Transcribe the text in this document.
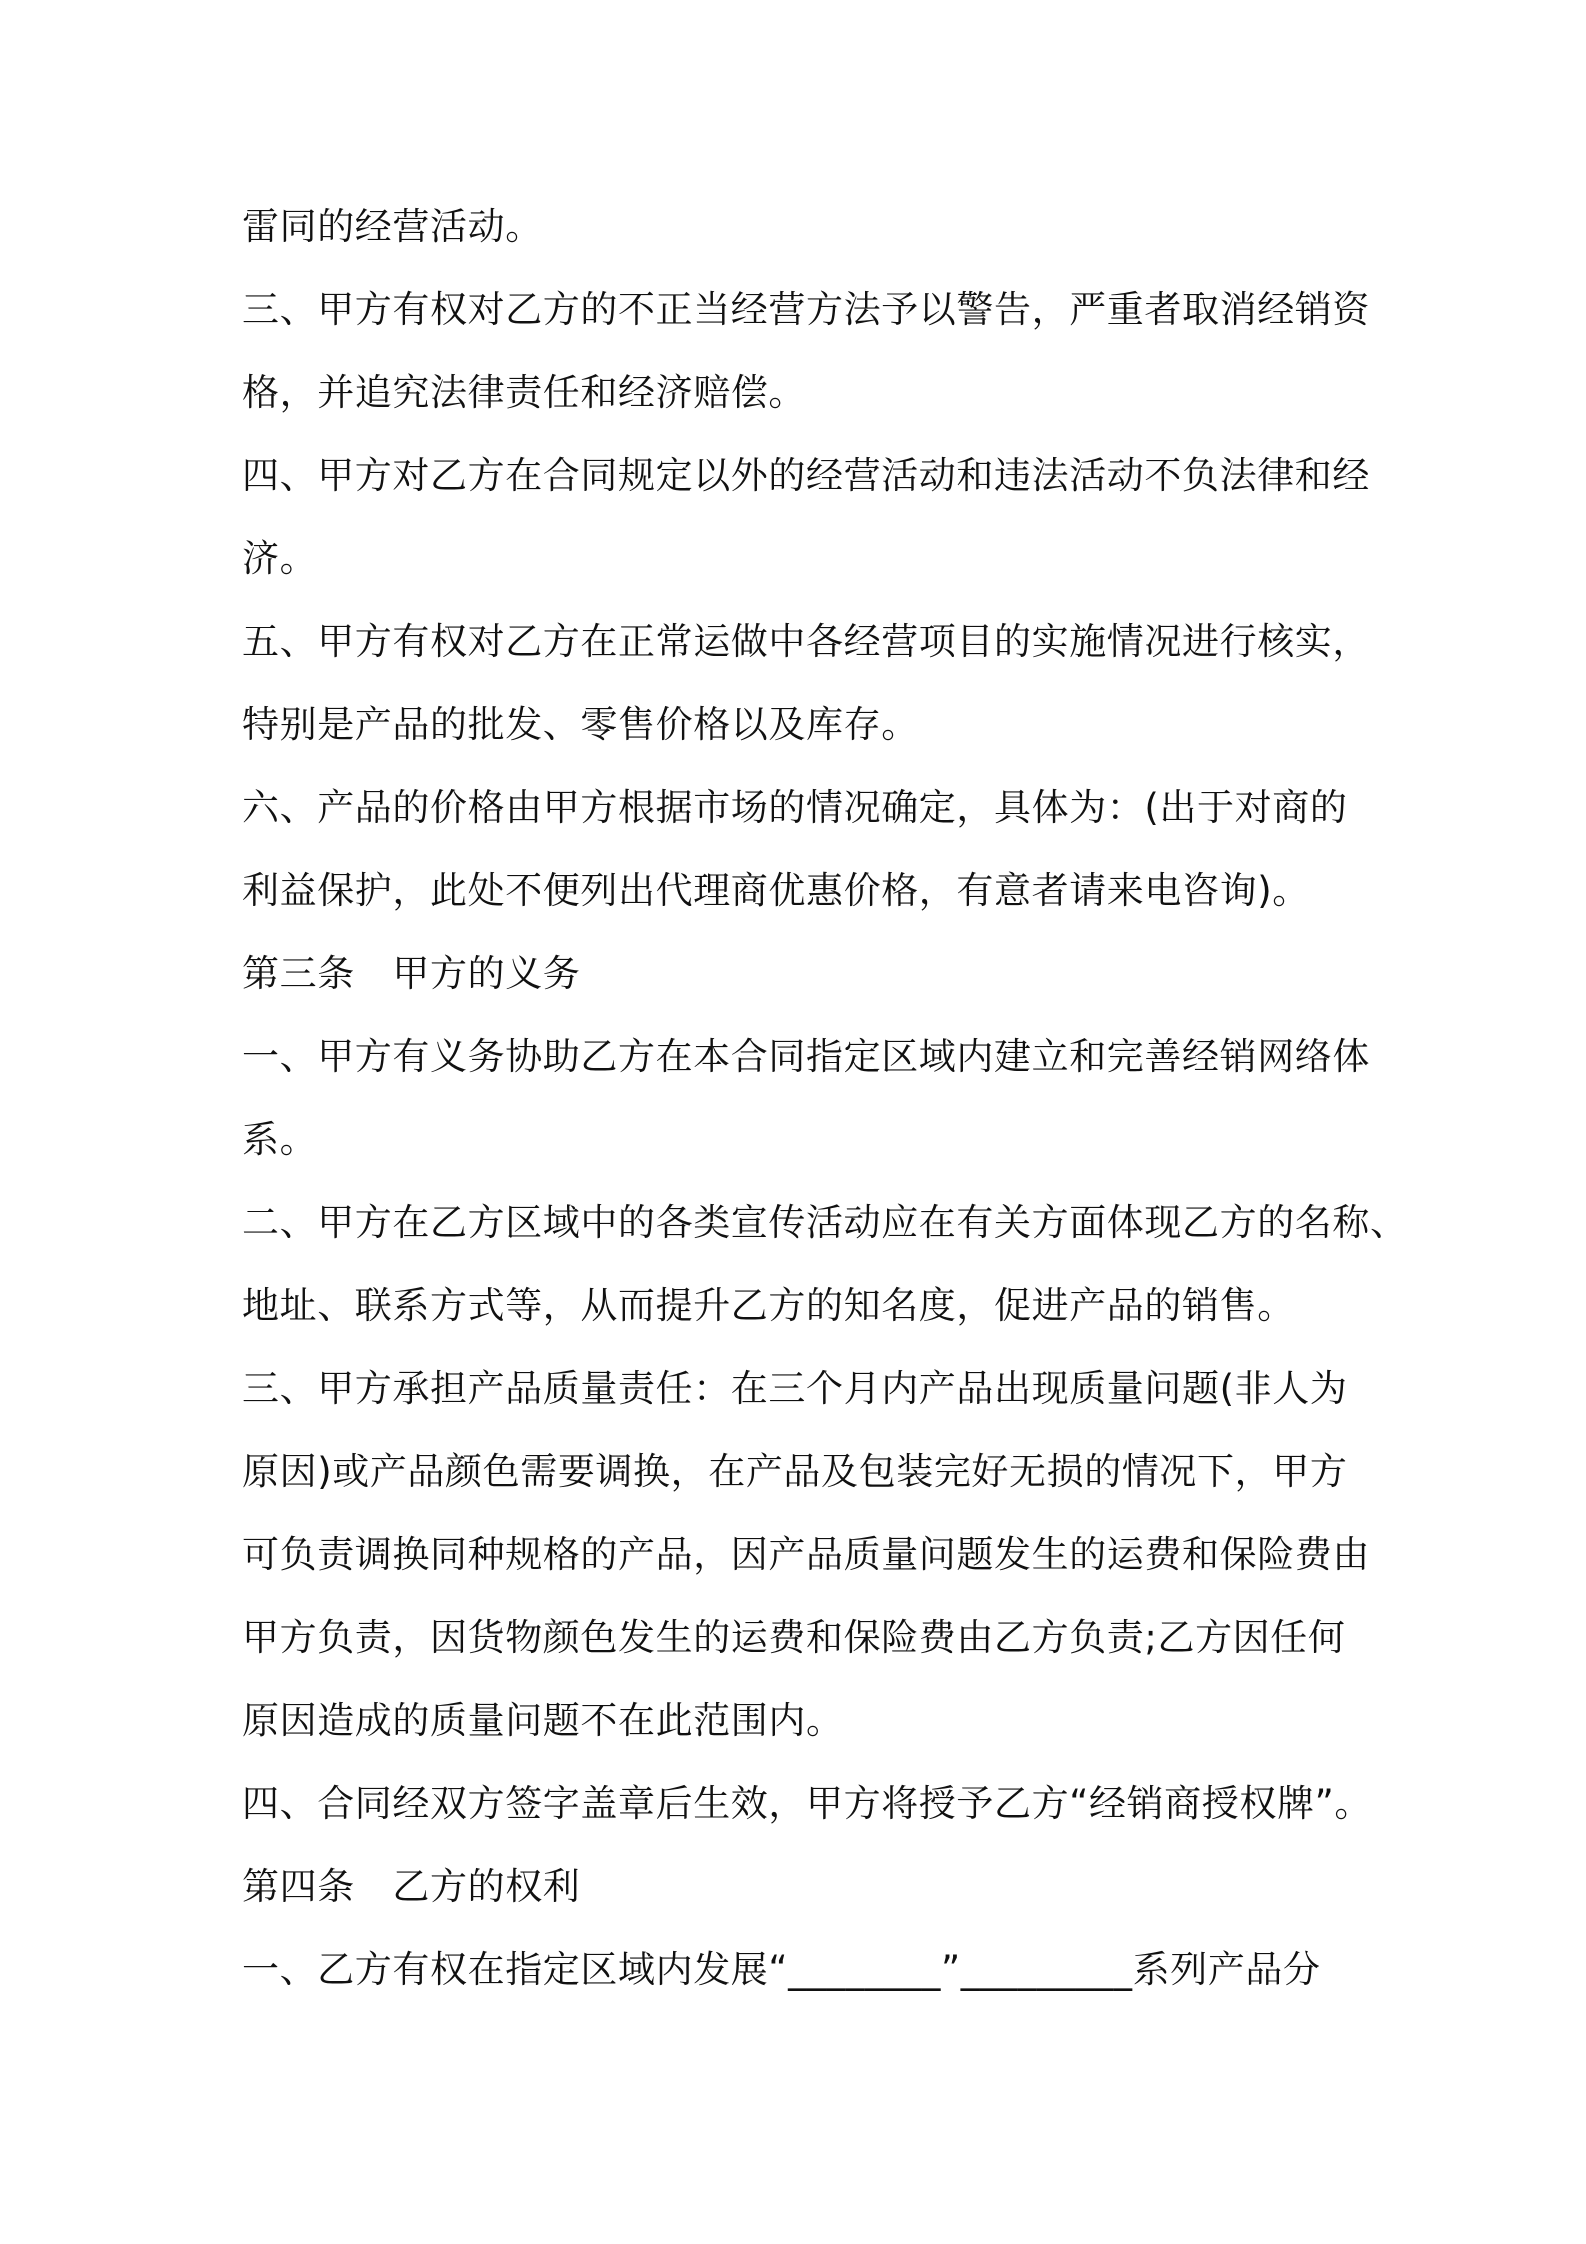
雷同的经营活动。
三、甲方有权对乙方的不正当经营方法予以警告，严重者取消经销资
格，并追究法律责任和经济赔偿。
四、甲方对乙方在合同规定以外的经营活动和违法活动不负法律和经
济。
五、甲方有权对乙方在正常运做中各经营项目的实施情况进行核实，
特别是产品的批发、零售价格以及库存。
六、产品的价格由甲方根据市场的情况确定，具体为：(出于对商的
利益保护，此处不便列出代理商优惠价格，有意者请来电咨询)。
第三条　甲方的义务
一、甲方有义务协助乙方在本合同指定区域内建立和完善经销网络体
系。
二、甲方在乙方区域中的各类宣传活动应在有关方面体现乙方的名称、
地址、联系方式等，从而提升乙方的知名度，促进产品的销售。
三、甲方承担产品质量责任：在三个月内产品出现质量问题(非人为
原因)或产品颜色需要调换，在产品及包装完好无损的情况下，甲方
可负责调换同种规格的产品，因产品质量问题发生的运费和保险费由
甲方负责，因货物颜色发生的运费和保险费由乙方负责;乙方因任何
原因造成的质量问题不在此范围内。
四、合同经双方签字盖章后生效，甲方将授予乙方“经销商授权牌”。
第四条　乙方的权利
一、乙方有权在指定区域内发展“________”_________系列产品分
